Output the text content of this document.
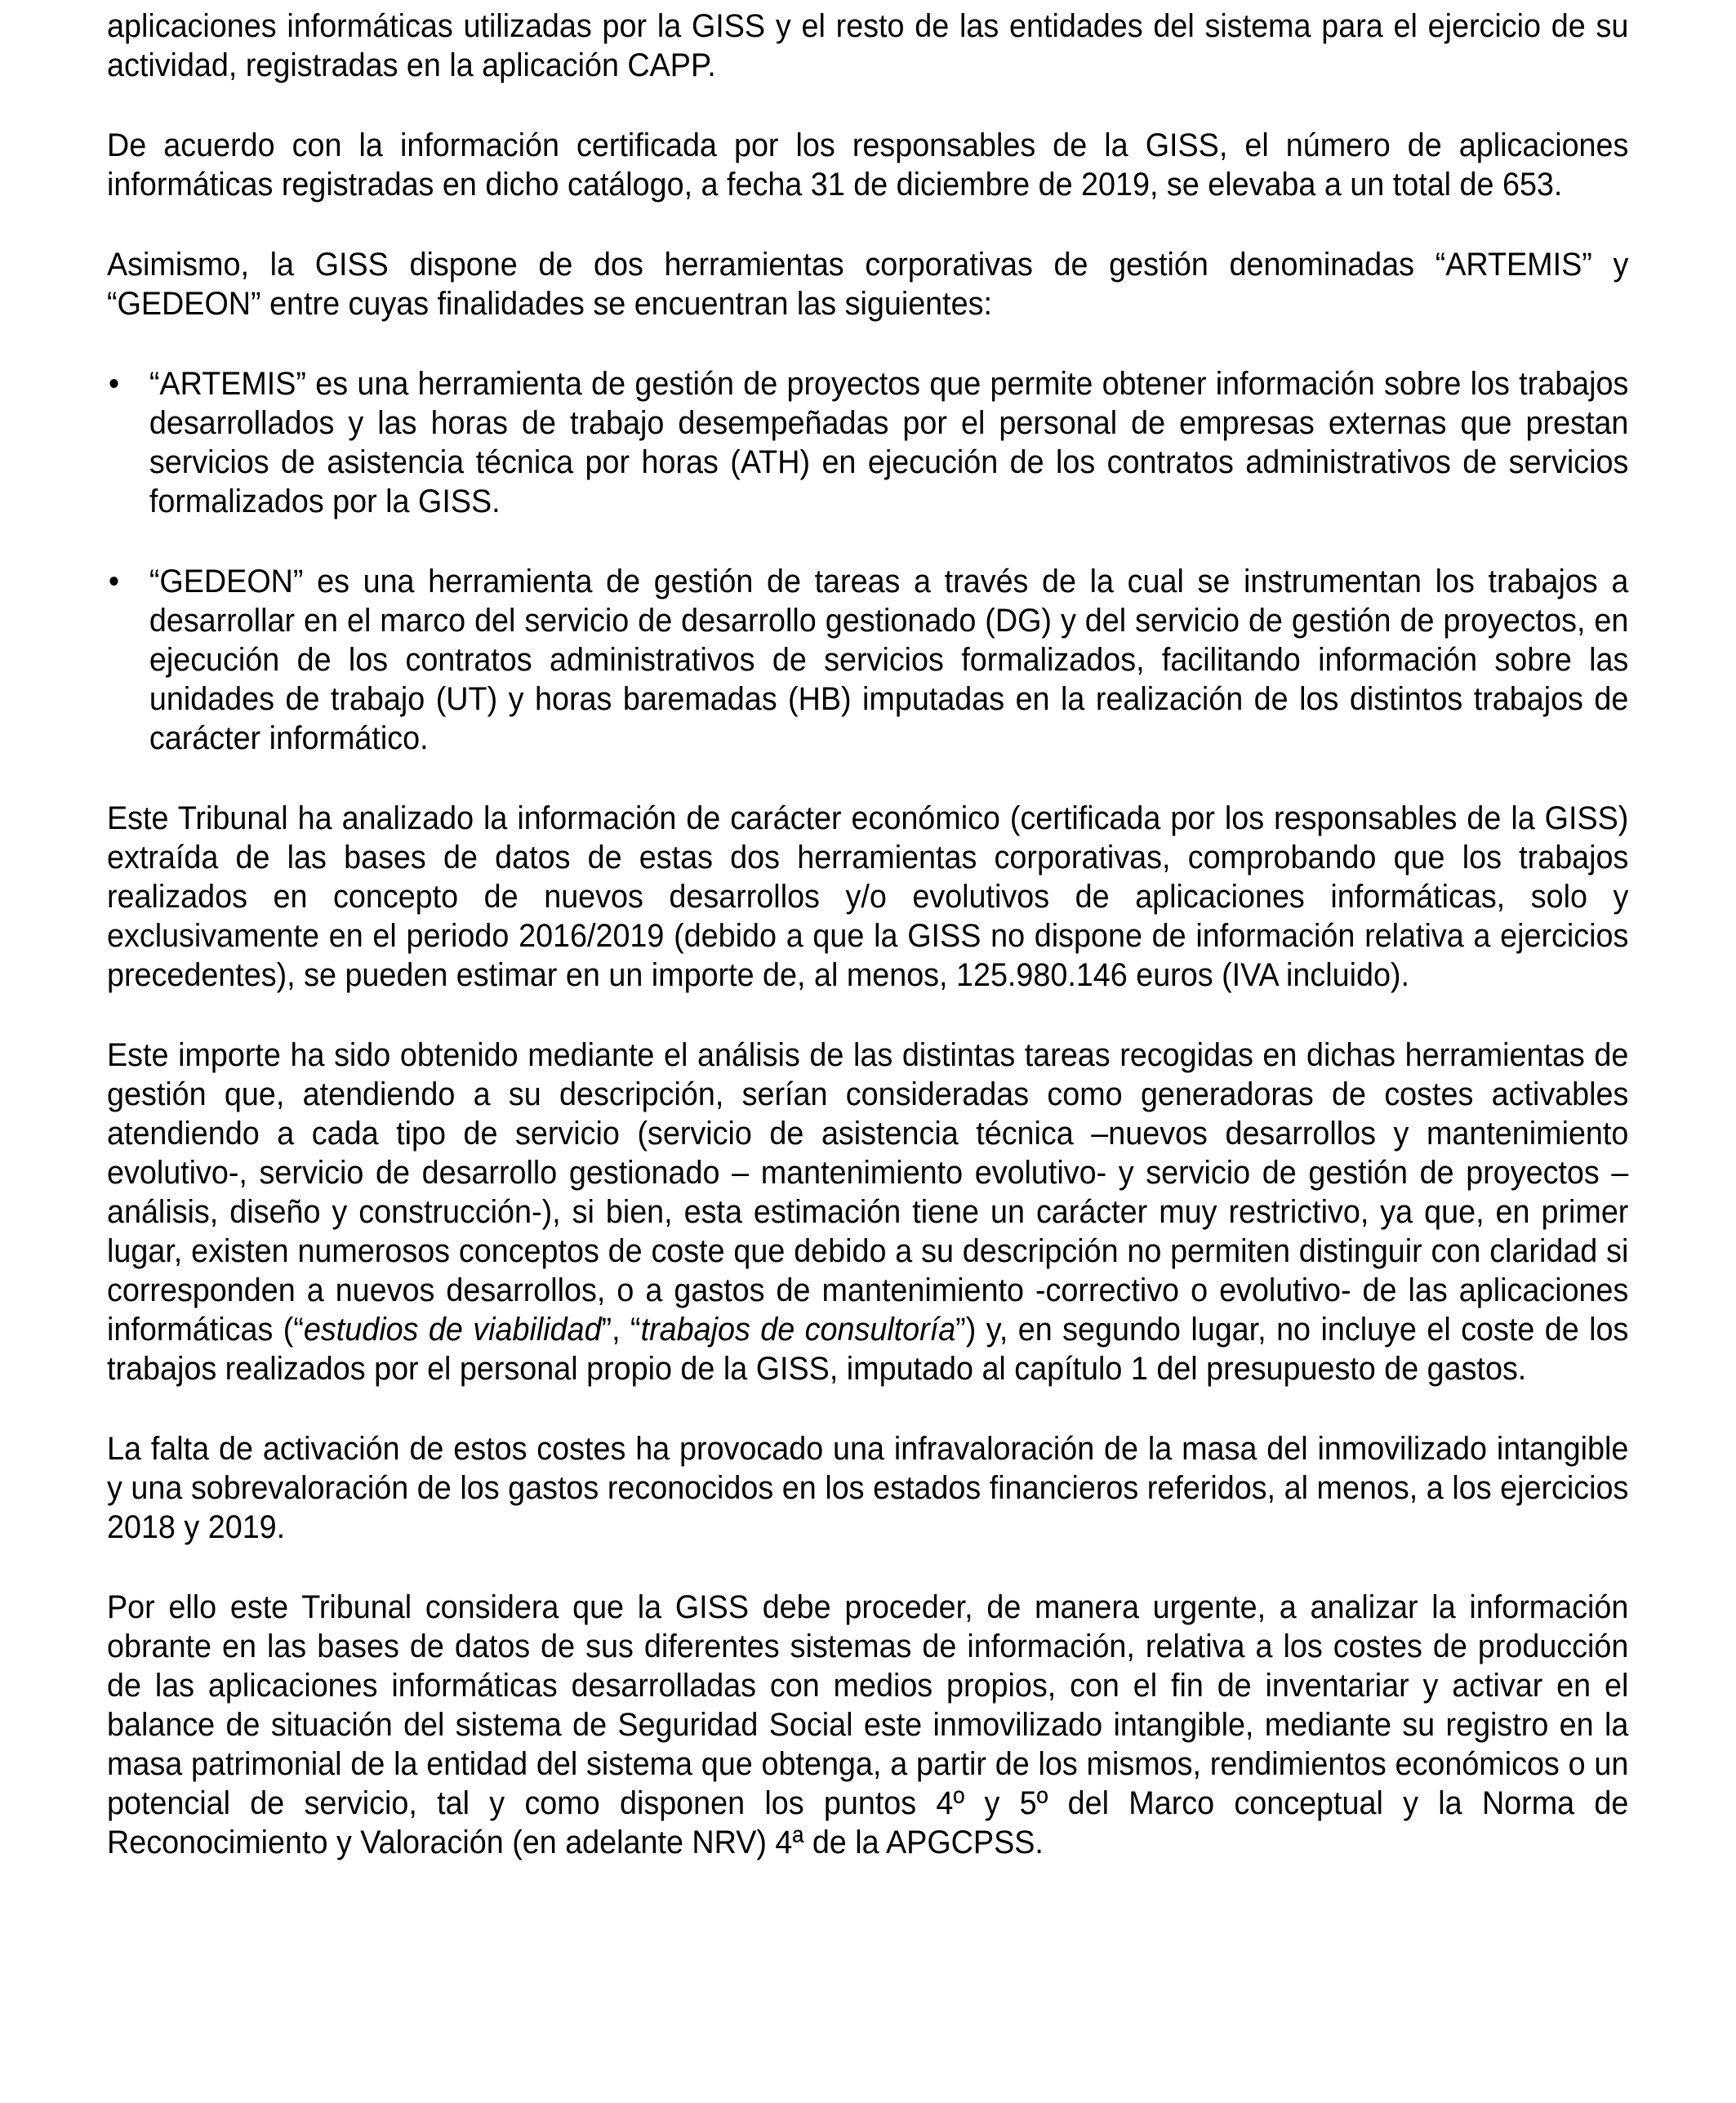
aplicaciones informáticas utilizadas por la GISS y el resto de las entidades del sistema para el ejercicio de su actividad, registradas en la aplicación CAPP.

De acuerdo con la información certificada por los responsables de la GISS, el número de aplicaciones informáticas registradas en dicho catálogo, a fecha 31 de diciembre de 2019, se elevaba a un total de 653.

Asimismo, la GISS dispone de dos herramientas corporativas de gestión denominadas “ARTEMIS” y “GEDEON” entre cuyas finalidades se encuentran las siguientes:

• “ARTEMIS” es una herramienta de gestión de proyectos que permite obtener información sobre los trabajos desarrollados y las horas de trabajo desempeñadas por el personal de empresas externas que prestan servicios de asistencia técnica por horas (ATH) en ejecución de los contratos administrativos de servicios formalizados por la GISS.
• “GEDEON” es una herramienta de gestión de tareas a través de la cual se instrumentan los trabajos a desarrollar en el marco del servicio de desarrollo gestionado (DG) y del servicio de gestión de proyectos, en ejecución de los contratos administrativos de servicios formalizados, facilitando información sobre las unidades de trabajo (UT) y horas baremadas (HB) imputadas en la realización de los distintos trabajos de carácter informático.

Este Tribunal ha analizado la información de carácter económico (certificada por los responsables de la GISS) extraída de las bases de datos de estas dos herramientas corporativas, comprobando que los trabajos realizados en concepto de nuevos desarrollos y/o evolutivos de aplicaciones informáticas, solo y exclusivamente en el periodo 2016/2019 (debido a que la GISS no dispone de información relativa a ejercicios precedentes), se pueden estimar en un importe de, al menos, 125.980.146 euros (IVA incluido).

Este importe ha sido obtenido mediante el análisis de las distintas tareas recogidas en dichas herramientas de gestión que, atendiendo a su descripción, serían consideradas como generadoras de costes activables atendiendo a cada tipo de servicio (servicio de asistencia técnica –nuevos desarrollos y mantenimiento evolutivo-, servicio de desarrollo gestionado – mantenimiento evolutivo- y servicio de gestión de proyectos –análisis, diseño y construcción-), si bien, esta estimación tiene un carácter muy restrictivo, ya que, en primer lugar, existen numerosos conceptos de coste que debido a su descripción no permiten distinguir con claridad si corresponden a nuevos desarrollos, o a gastos de mantenimiento -correctivo o evolutivo- de las aplicaciones informáticas (“estudios de viabilidad”, “trabajos de consultoría”) y, en segundo lugar, no incluye el coste de los trabajos realizados por el personal propio de la GISS, imputado al capítulo 1 del presupuesto de gastos.

La falta de activación de estos costes ha provocado una infravaloración de la masa del inmovilizado intangible y una sobrevaloración de los gastos reconocidos en los estados financieros referidos, al menos, a los ejercicios 2018 y 2019.

Por ello este Tribunal considera que la GISS debe proceder, de manera urgente, a analizar la información obrante en las bases de datos de sus diferentes sistemas de información, relativa a los costes de producción de las aplicaciones informáticas desarrolladas con medios propios, con el fin de inventariar y activar en el balance de situación del sistema de Seguridad Social este inmovilizado intangible, mediante su registro en la masa patrimonial de la entidad del sistema que obtenga, a partir de los mismos, rendimientos económicos o un potencial de servicio, tal y como disponen los puntos 4º y 5º del Marco conceptual y la Norma de Reconocimiento y Valoración (en adelante NRV) 4ª de la APGCPSS.
